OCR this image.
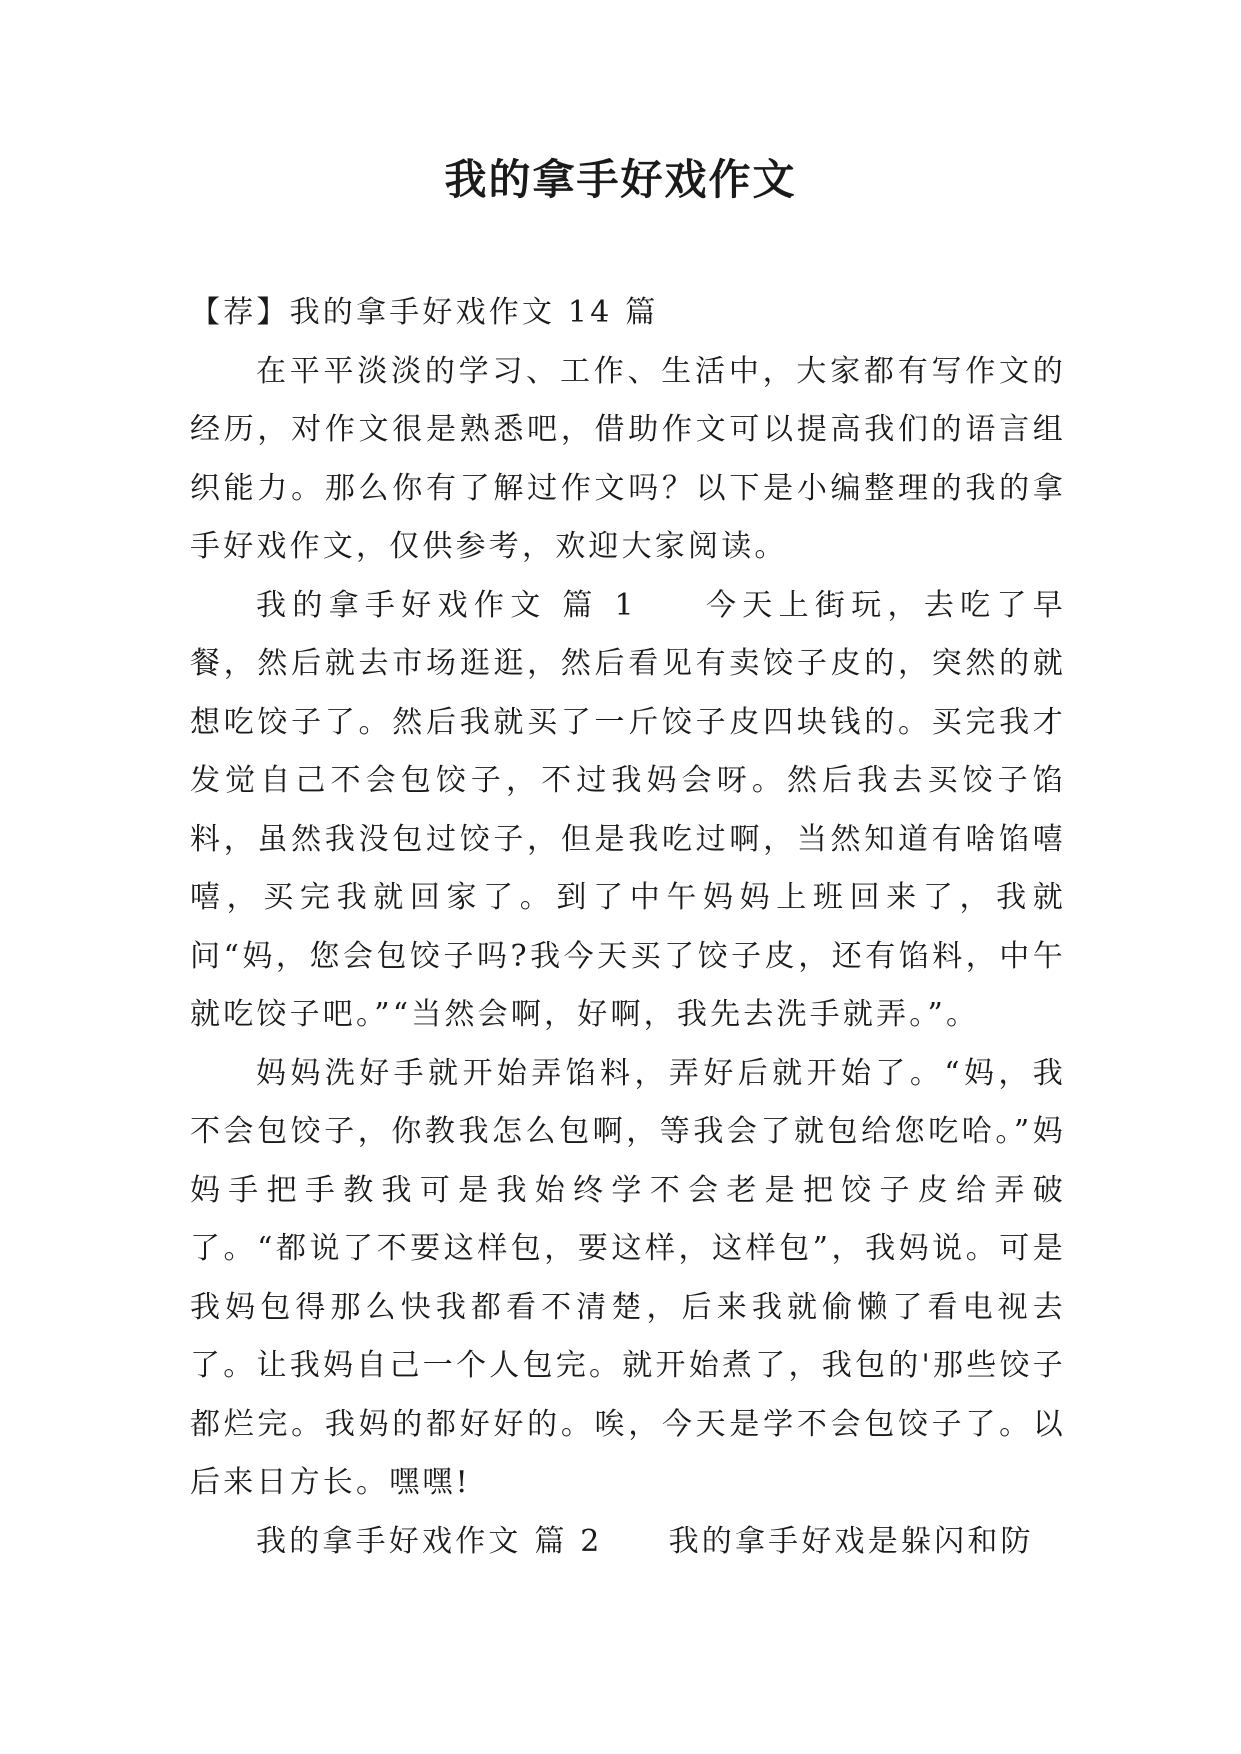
我的拿手好戏作文

【荐】我的拿手好戏作文 14 篇

在平平淡淡的学习、工作、生活中，大家都有写作文的经历，对作文很是熟悉吧，借助作文可以提高我们的语言组织能力。那么你有了解过作文吗？以下是小编整理的我的拿手好戏作文，仅供参考，欢迎大家阅读。

我的拿手好戏作文 篇 1 今天上街玩，去吃了早餐，然后就去市场逛逛，然后看见有卖饺子皮的，突然的就想吃饺子了。然后我就买了一斤饺子皮四块钱的。买完我才发觉自己不会包饺子，不过我妈会呀。然后我去买饺子馅料，虽然我没包过饺子，但是我吃过啊，当然知道有啥馅嘻嘻，买完我就回家了。到了中午妈妈上班回来了，我就问“妈，您会包饺子吗?我今天买了饺子皮，还有馅料，中午就吃饺子吧。”“当然会啊，好啊，我先去洗手就弄。”。

妈妈洗好手就开始弄馅料，弄好后就开始了。“妈，我不会包饺子，你教我怎么包啊，等我会了就包给您吃哈。”妈妈手把手教我可是我始终学不会老是把饺子皮给弄破了。“都说了不要这样包，要这样，这样包”，我妈说。可是我妈包得那么快我都看不清楚，后来我就偷懒了看电视去了。让我妈自己一个人包完。就开始煮了，我包的'那些饺子都烂完。我妈的都好好的。唉，今天是学不会包饺子了。以后来日方长。嘿嘿!

我的拿手好戏作文 篇 2 我的拿手好戏是躲闪和防
